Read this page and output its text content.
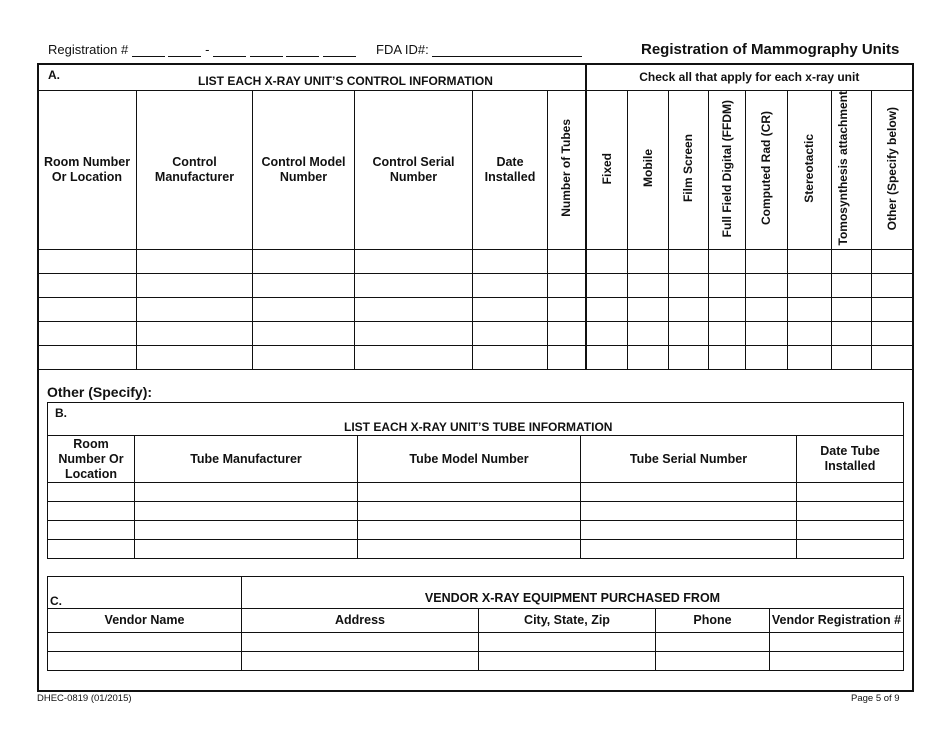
Registration #	-	FDA ID#:	Registration of Mammography Units
A. LIST EACH X-RAY UNIT’S CONTROL INFORMATION						Check all that apply for each x-ray unit							
Room Number Or Location	Control Manufacturer	Control Model Number	Control Serial Number	Date Installed	Number of Tubes	Fixed	Mobile	Film Screen	Full Field Digital (FFDM)	Computed Rad (CR)	Stereotactic	Tomosynthesis attachment	Other (Specify below)

Other (Specify):
B.
LIST EACH X-RAY UNIT’S TUBE INFORMATION				

Room Number Or Location	Tube Manufacturer	Tube Model Number	Tube Serial Number	Date Tube Installed

C.	VENDOR X-RAY EQUIPMENT PURCHASED FROM			
Vendor Name	Address	City, State, Zip	Phone	Vendor Registration #

DHEC-0819 (01/2015)	Page 5 of 9
